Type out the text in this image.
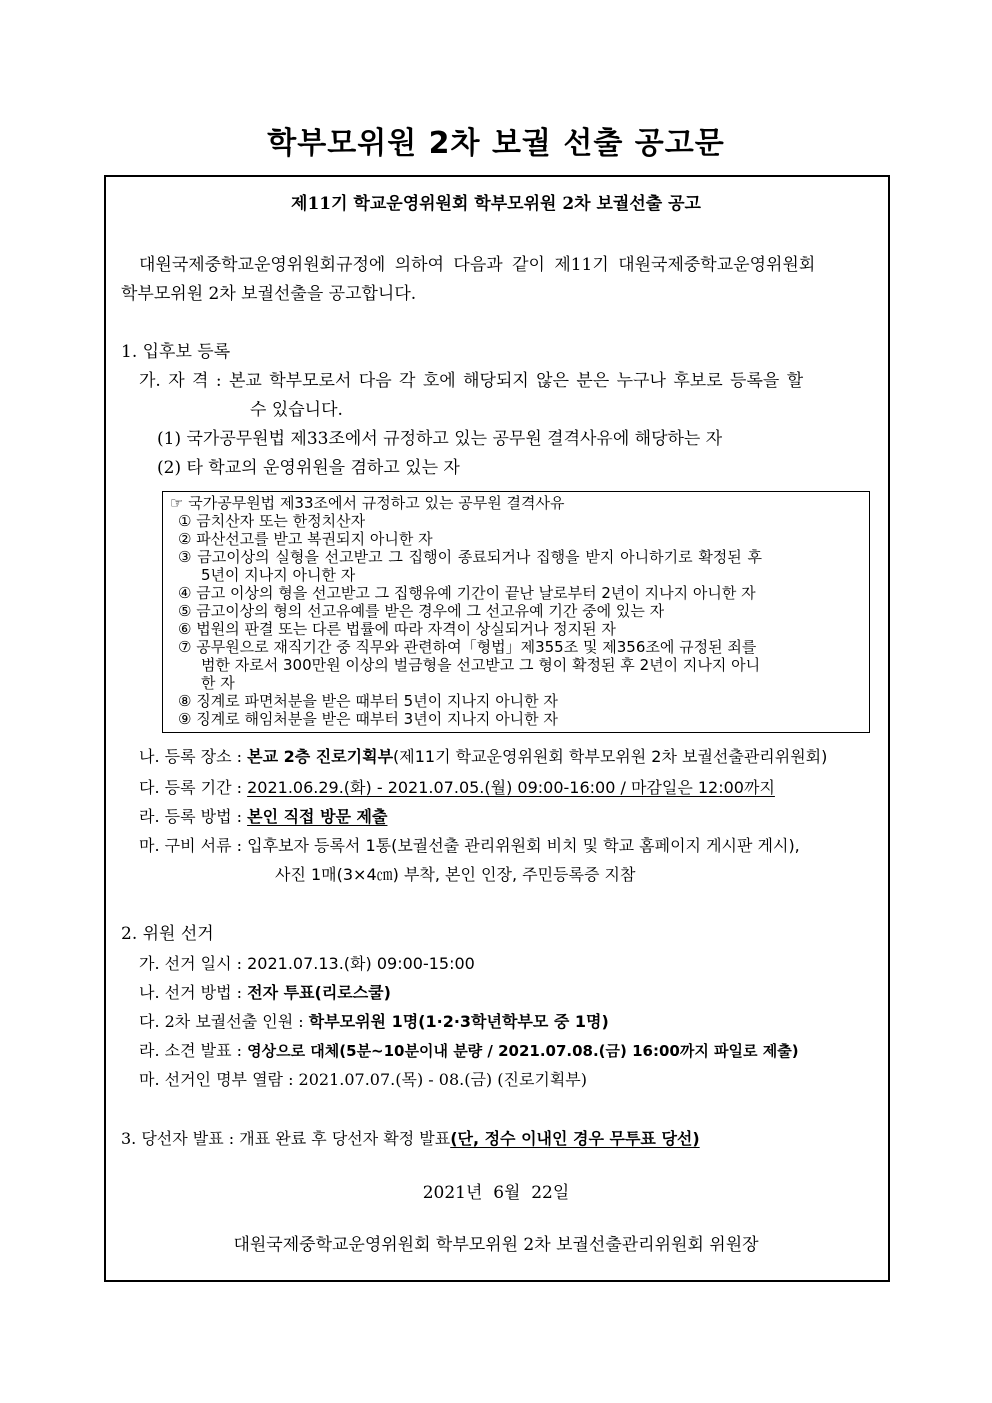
학부모위원 2차 보궐 선출 공고문
제11기 학교운영위원회 학부모위원 2차 보궐선출 공고
대원국제중학교운영위원회규정에 의하여 다음과 같이 제11기 대원국제중학교운영위원회
학부모위원 2차 보궐선출을 공고합니다.
1. 입후보 등록
가. 자 격 : 본교 학부모로서 다음 각 호에 해당되지 않은 분은 누구나 후보로 등록을 할
수 있습니다.
(1) 국가공무원법 제33조에서 규정하고 있는 공무원 결격사유에 해당하는 자
(2) 타 학교의 운영위원을 겸하고 있는 자
☞ 국가공무원법 제33조에서 규정하고 있는 공무원 결격사유
① 금치산자 또는 한정치산자
② 파산선고를 받고 복권되지 아니한 자
③ 금고이상의 실형을 선고받고 그 집행이 종료되거나 집행을 받지 아니하기로 확정된 후
5년이 지나지 아니한 자
④ 금고 이상의 형을 선고받고 그 집행유예 기간이 끝난 날로부터 2년이 지나지 아니한 자
⑤ 금고이상의 형의 선고유예를 받은 경우에 그 선고유예 기간 중에 있는 자
⑥ 법원의 판결 또는 다른 법률에 따라 자격이 상실되거나 정지된 자
⑦ 공무원으로 재직기간 중 직무와 관련하여「형법」제355조 및 제356조에 규정된 죄를
범한 자로서 300만원 이상의 벌금형을 선고받고 그 형이 확정된 후 2년이 지나지 아니
한 자
⑧ 징계로 파면처분을 받은 때부터 5년이 지나지 아니한 자
⑨ 징계로 해임처분을 받은 때부터 3년이 지나지 아니한 자
나. 등록 장소 : 본교 2층 진로기획부(제11기 학교운영위원회 학부모위원 2차 보궐선출관리위원회)
다. 등록 기간 : 2021.06.29.(화) - 2021.07.05.(월) 09:00-16:00 / 마감일은 12:00까지
라. 등록 방법 : 본인 직접 방문 제출
마. 구비 서류 : 입후보자 등록서 1통(보궐선출 관리위원회 비치 및 학교 홈페이지 게시판 게시),
사진 1매(3×4㎝) 부착, 본인 인장, 주민등록증 지참
2. 위원 선거
가. 선거 일시 : 2021.07.13.(화) 09:00-15:00
나. 선거 방법 : 전자 투표(리로스쿨)
다. 2차 보궐선출 인원 : 학부모위원 1명(1·2·3학년학부모 중 1명)
라. 소견 발표 : 영상으로 대체(5분~10분이내 분량 / 2021.07.08.(금) 16:00까지 파일로 제출)
마. 선거인 명부 열람 : 2021.07.07.(목) - 08.(금) (진로기획부)
3. 당선자 발표 : 개표 완료 후 당선자 확정 발표(단, 정수 이내인 경우 무투표 당선)
2021년  6월  22일
대원국제중학교운영위원회 학부모위원 2차 보궐선출관리위원회 위원장
